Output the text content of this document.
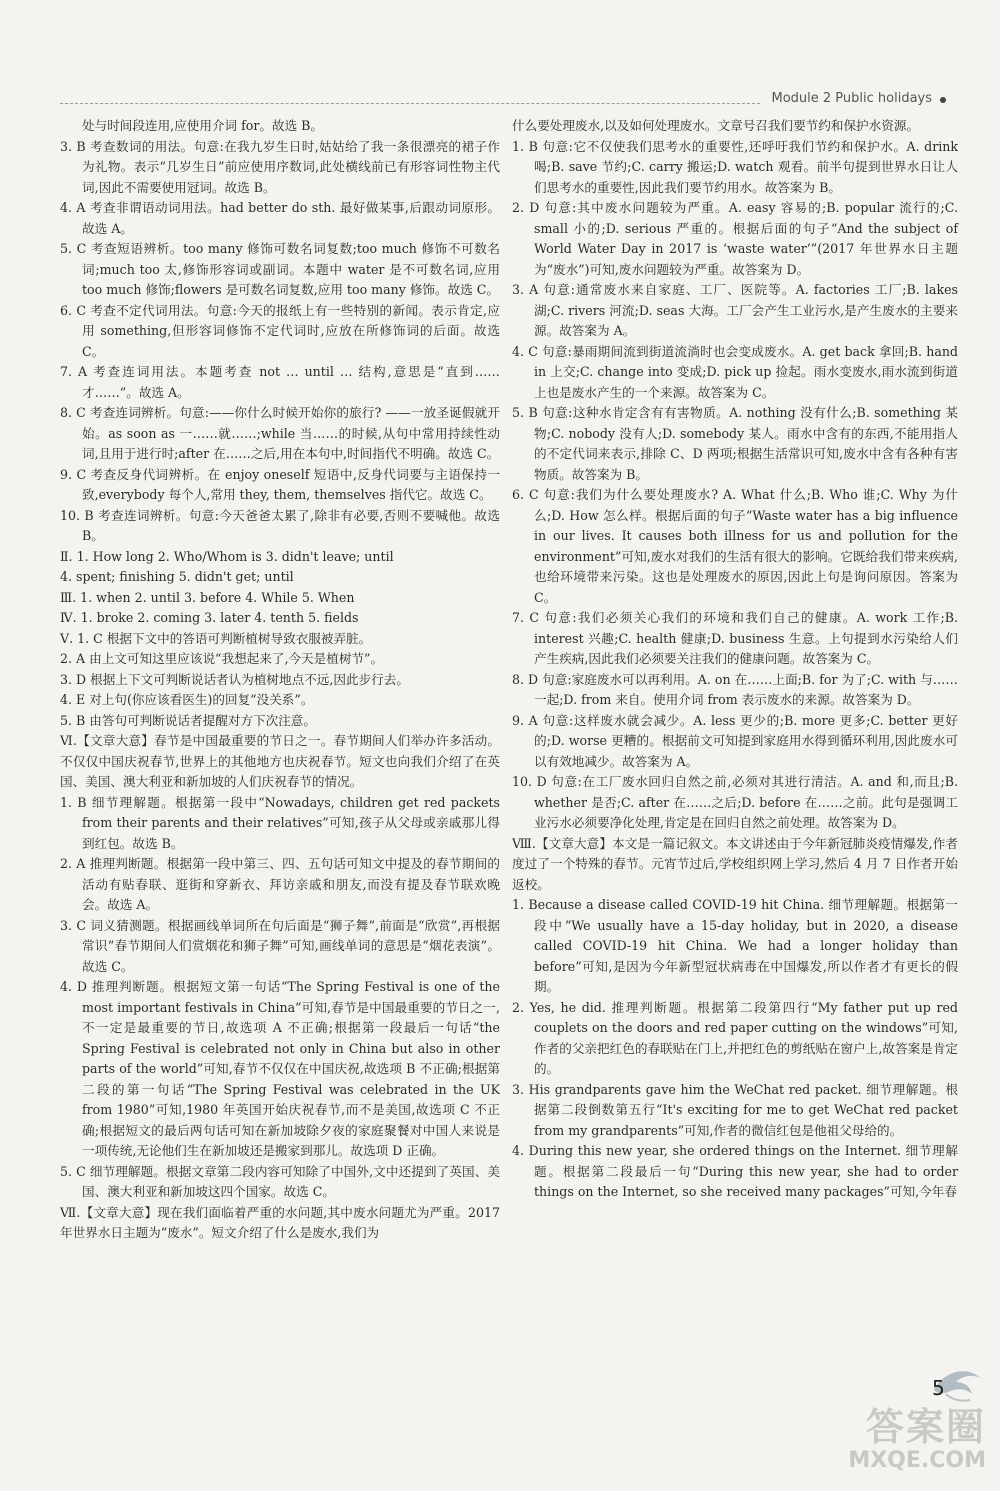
Module 2 Public holidays

处与时间段连用,应使用介词 for。故选 B。

3. B 考查数词的用法。句意:在我九岁生日时,姑姑给了我一条很漂亮的裙子作为礼物。表示“几岁生日”前应使用序数词,此处横线前已有形容词性物主代词,因此不需要使用冠词。故选 B。

4. A 考查非谓语动词用法。had better do sth. 最好做某事,后跟动词原形。故选 A。

5. C 考查短语辨析。too many 修饰可数名词复数;too much 修饰不可数名词;much too 太,修饰形容词或副词。本题中 water 是不可数名词,应用 too much 修饰;flowers 是可数名词复数,应用 too many 修饰。故选 C。

6. C 考查不定代词用法。句意:今天的报纸上有一些特别的新闻。表示肯定,应用 something,但形容词修饰不定代词时,应放在所修饰词的后面。故选 C。

7. A 考查连词用法。本题考查 not … until … 结构,意思是“直到……才……”。故选 A。

8. C 考查连词辨析。句意:——你什么时候开始你的旅行? ——一放圣诞假就开始。as soon as 一……就……;while 当……的时候,从句中常用持续性动词,且用于进行时;after 在……之后,用在本句中,时间指代不明确。故选 C。

9. C 考查反身代词辨析。在 enjoy oneself 短语中,反身代词要与主语保持一致,everybody 每个人,常用 they, them, themselves 指代它。故选 C。

10. B 考查连词辨析。句意:今天爸爸太累了,除非有必要,否则不要喊他。故选 B。

Ⅱ. 1. How long 2. Who/Whom is 3. didn't leave; until

4. spent; finishing 5. didn't get; until

Ⅲ. 1. when 2. until 3. before 4. While 5. When

Ⅳ. 1. broke 2. coming 3. later 4. tenth 5. fields

Ⅴ. 1. C 根据下文中的答语可判断植树导致衣服被弄脏。

2. A 由上文可知这里应该说“我想起来了,今天是植树节”。

3. D 根据上下文可判断说话者认为植树地点不远,因此步行去。

4. E 对上句(你应该看医生)的回复“没关系”。

5. B 由答句可判断说话者提醒对方下次注意。

Ⅵ.【文章大意】春节是中国最重要的节日之一。春节期间人们举办许多活动。不仅仅中国庆祝春节,世界上的其他地方也庆祝春节。短文也向我们介绍了在英国、美国、澳大利亚和新加坡的人们庆祝春节的情况。

1. B 细节理解题。根据第一段中“Nowadays, children get red packets from their parents and their relatives”可知,孩子从父母或亲戚那儿得到红包。故选 B。

2. A 推理判断题。根据第一段中第三、四、五句话可知文中提及的春节期间的活动有贴春联、逛街和穿新衣、拜访亲戚和朋友,而没有提及春节联欢晚会。故选 A。

3. C 词义猜测题。根据画线单词所在句后面是“狮子舞”,前面是“欣赏”,再根据常识“春节期间人们赏烟花和狮子舞”可知,画线单词的意思是“烟花表演”。故选 C。

4. D 推理判断题。根据短文第一句话“The Spring Festival is one of the most important festivals in China”可知,春节是中国最重要的节日之一,不一定是最重要的节日,故选项 A 不正确;根据第一段最后一句话“the Spring Festival is celebrated not only in China but also in other parts of the world”可知,春节不仅仅在中国庆祝,故选项 B 不正确;根据第二段的第一句话“The Spring Festival was celebrated in the UK from 1980”可知,1980 年英国开始庆祝春节,而不是美国,故选项 C 不正确;根据短文的最后两句话可知在新加坡除夕夜的家庭聚餐对中国人来说是一项传统,无论他们生在新加坡还是搬家到那儿。故选项 D 正确。

5. C 细节理解题。根据文章第二段内容可知除了中国外,文中还提到了英国、美国、澳大利亚和新加坡这四个国家。故选 C。

Ⅶ.【文章大意】现在我们面临着严重的水问题,其中废水问题尤为严重。2017 年世界水日主题为“废水”。短文介绍了什么是废水,我们为

什么要处理废水,以及如何处理废水。文章号召我们要节约和保护水资源。

1. B 句意:它不仅使我们思考水的重要性,还呼吁我们节约和保护水。A. drink 喝;B. save 节约;C. carry 搬运;D. watch 观看。前半句提到世界水日让人们思考水的重要性,因此我们要节约用水。故答案为 B。

2. D 句意:其中废水问题较为严重。A. easy 容易的;B. popular 流行的;C. small 小的;D. serious 严重的。根据后面的句子“And the subject of World Water Day in 2017 is ‘waste water’”(2017 年世界水日主题为“废水”)可知,废水问题较为严重。故答案为 D。

3. A 句意:通常废水来自家庭、工厂、医院等。A. factories 工厂;B. lakes 湖;C. rivers 河流;D. seas 大海。工厂会产生工业污水,是产生废水的主要来源。故答案为 A。

4. C 句意:暴雨期间流到街道流淌时也会变成废水。A. get back 拿回;B. hand in 上交;C. change into 变成;D. pick up 捡起。雨水变废水,雨水流到街道上也是废水产生的一个来源。故答案为 C。

5. B 句意:这种水肯定含有有害物质。A. nothing 没有什么;B. something 某物;C. nobody 没有人;D. somebody 某人。雨水中含有的东西,不能用指人的不定代词来表示,排除 C、D 两项;根据生活常识可知,废水中含有各种有害物质。故答案为 B。

6. C 句意:我们为什么要处理废水? A. What 什么;B. Who 谁;C. Why 为什么;D. How 怎么样。根据后面的句子“Waste water has a big influence in our lives. It causes both illness for us and pollution for the environment”可知,废水对我们的生活有很大的影响。它既给我们带来疾病,也给环境带来污染。这也是处理废水的原因,因此上句是询问原因。答案为 C。

7. C 句意:我们必须关心我们的环境和我们自己的健康。A. work 工作;B. interest 兴趣;C. health 健康;D. business 生意。上句提到水污染给人们产生疾病,因此我们必须要关注我们的健康问题。故答案为 C。

8. D 句意:家庭废水可以再利用。A. on 在……上面;B. for 为了;C. with 与……一起;D. from 来自。使用介词 from 表示废水的来源。故答案为 D。

9. A 句意:这样废水就会减少。A. less 更少的;B. more 更多;C. better 更好的;D. worse 更糟的。根据前文可知提到家庭用水得到循环利用,因此废水可以有效地减少。故答案为 A。

10. D 句意:在工厂废水回归自然之前,必须对其进行清洁。A. and 和,而且;B. whether 是否;C. after 在……之后;D. before 在……之前。此句是强调工业污水必须要净化处理,肯定是在回归自然之前处理。故答案为 D。

Ⅷ.【文章大意】本文是一篇记叙文。本文讲述由于今年新冠肺炎疫情爆发,作者度过了一个特殊的春节。元宵节过后,学校组织网上学习,然后 4 月 7 日作者开始返校。

1. Because a disease called COVID-19 hit China. 细节理解题。根据第一段中“We usually have a 15-day holiday, but in 2020, a disease called COVID-19 hit China. We had a longer holiday than before”可知,是因为今年新型冠状病毒在中国爆发,所以作者才有更长的假期。

2. Yes, he did. 推理判断题。根据第二段第四行“My father put up red couplets on the doors and red paper cutting on the windows”可知,作者的父亲把红色的春联贴在门上,并把红色的剪纸贴在窗户上,故答案是肯定的。

3. His grandparents gave him the WeChat red packet. 细节理解题。根据第二段倒数第五行“It's exciting for me to get WeChat red packet from my grandparents”可知,作者的微信红包是他祖父母给的。

4. During this new year, she ordered things on the Internet. 细节理解题。根据第二段最后一句“During this new year, she had to order things on the Internet, so she received many packages”可知,今年春

5
答案圈
MXQE.COM
